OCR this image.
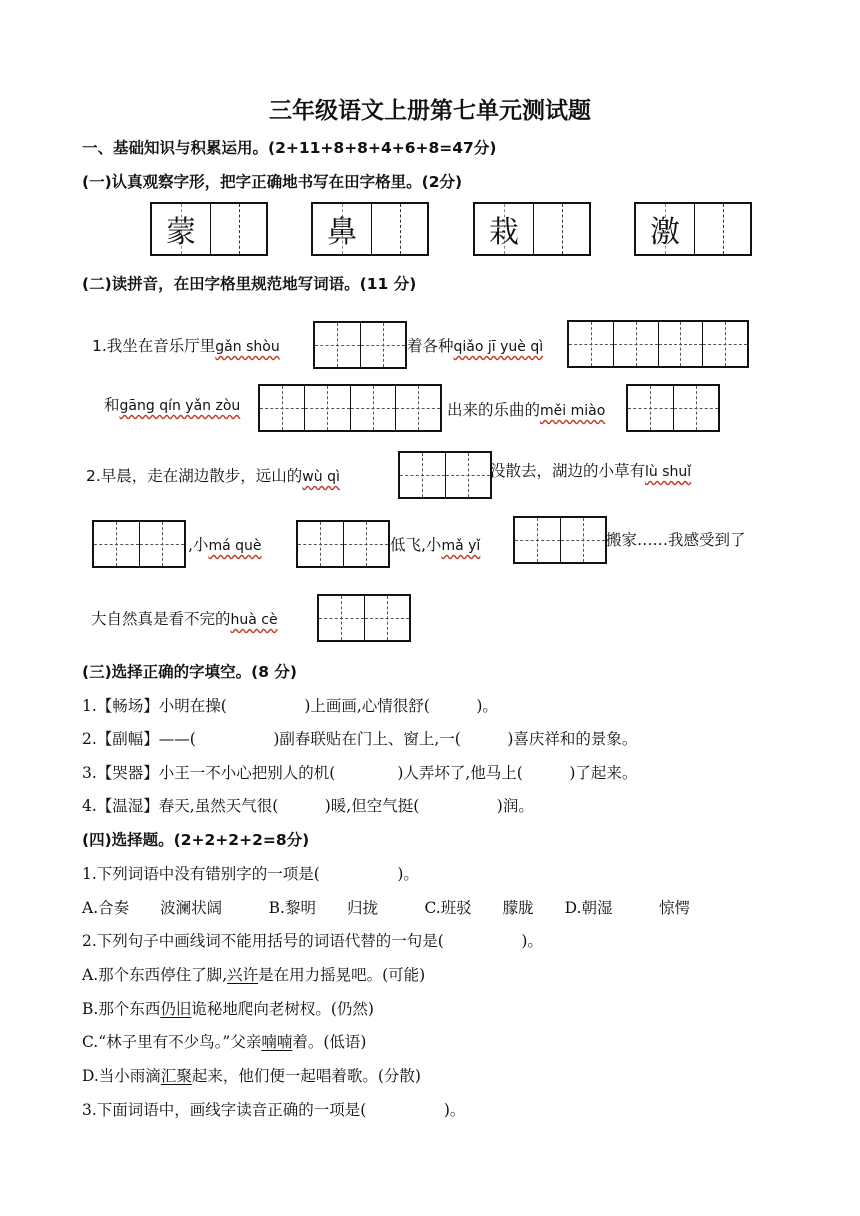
三年级语文上册第七单元测试题
一、基础知识与积累运用。(2+11+8+8+4+6+8=47分)
(一)认真观察字形，把字正确地书写在田字格里。(2分)
蒙	鼻	栽	激
(二)读拼音，在田字格里规范地写词语。(11 分)
1.我坐在音乐厅里gǎn shòu	着各种qiǎo jī yuè qì
和gāng qín yǎn zòu	出来的乐曲的měi miào
2.早晨，走在湖边散步，远山的wù qì	没散去，湖边的小草有lù shuǐ
,小má què	低飞,小mǎ yǐ	搬家……我感受到了
大自然真是看不完的huà cè
(三)选择正确的字填空。(8 分)
1.【畅场】小明在操(　　　　　)上画画,心情很舒(　　　)。
2.【副幅】——(　　　　　)副春联贴在门上、窗上,一(　　　)喜庆祥和的景象。
3.【哭器】小王一不小心把别人的机(　　　　)人弄坏了,他马上(　　　)了起来。
4.【温湿】春天,虽然天气很(　　　)暖,但空气挺(　　　　　)润。
(四)选择题。(2+2+2+2=8分)
1.下列词语中没有错别字的一项是(　　　　　)。
A.合奏　　波澜状阔　　　B.黎明　　归拢　　　C.班驳　　朦胧　　D.朝湿　　　惊愕
2.下列句子中画线词不能用括号的词语代替的一句是(　　　　　)。
A.那个东西停住了脚,兴许是在用力摇晃吧。(可能)
B.那个东西仍旧诡秘地爬向老树杈。(仍然)
C.“林子里有不少鸟。”父亲喃喃着。(低语)
D.当小雨滴汇聚起来，他们便一起唱着歌。(分散)
3.下面词语中，画线字读音正确的一项是(　　　　　)。
